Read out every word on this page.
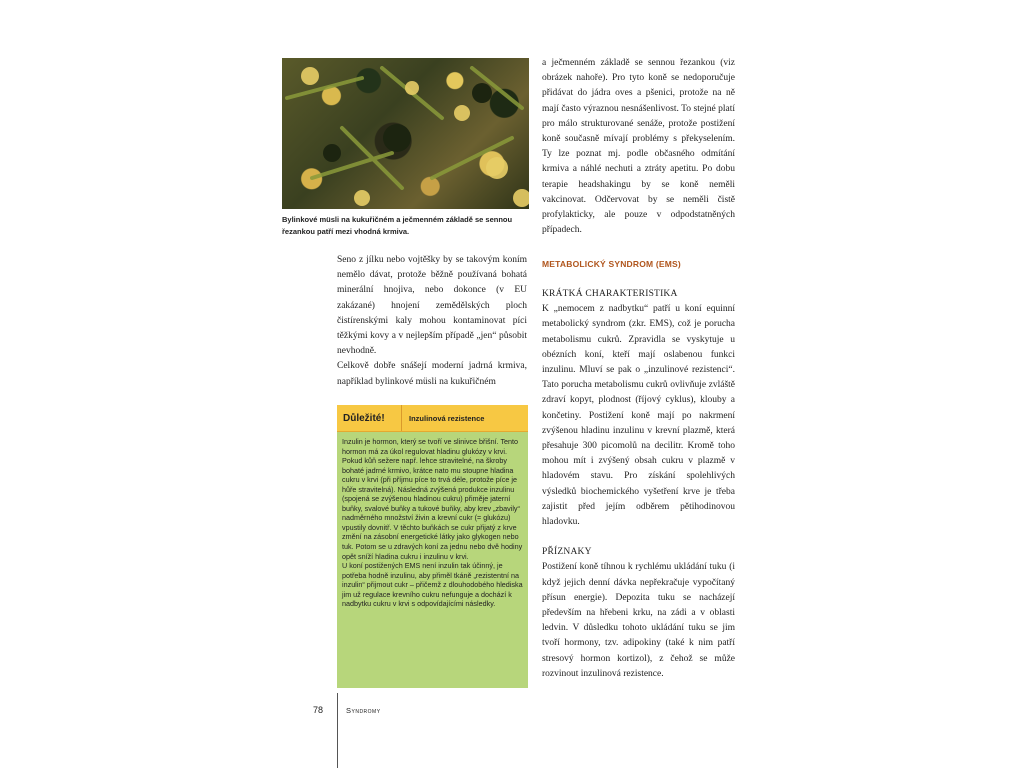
Bylinkové müsli na kukuřičném a ječmenném základě se sennou řezankou patří mezi vhodná krmiva.

Seno z jílku nebo vojtěšky by se takovým koním nemělo dávat, protože běžně používaná bohatá minerální hnojiva, nebo dokonce (v EU zakázané) hnojení zemědělských ploch čistírenskými kaly mohou kontaminovat píci těžkými kovy a v nejlepším případě „jen“ působit nevhodně.

Celkově dobře snášejí moderní jadrná krmiva, například bylinkové müsli na kukuřičném

Důležité!	Inzulinová rezistence

Inzulin je hormon, který se tvoří ve slinivce břišní. Tento hormon má za úkol regulovat hladinu glukózy v krvi. Pokud kůň sežere např. lehce stravitelné, na škroby bohaté jadrné krmivo, krátce nato mu stoupne hladina cukru v krvi (při příjmu píce to trvá déle, protože píce je hůře stravitelná). Následná zvýšená produkce inzulinu (spojená se zvýšenou hladinou cukru) přiměje jaterní buňky, svalové buňky a tukové buňky, aby krev „zbavily“ nadměrného množství živin a krevní cukr (= glukózu) vpustily dovnitř. V těchto buňkách se cukr přijatý z krve změní na zásobní energetické látky jako glykogen nebo tuk. Potom se u zdravých koní za jednu nebo dvě hodiny opět sníží hladina cukru i inzulinu v krvi.

U koní postižených EMS není inzulin tak účinný, je potřeba hodně inzulinu, aby přiměl tkáně „rezistentní na inzulin“ přijmout cukr – přičemž z dlouhodobého hlediska jim už regulace krevního cukru nefunguje a dochází k nadbytku cukru v krvi s odpovídajícími následky.

a ječmenném základě se sennou řezankou (viz obrázek nahoře). Pro tyto koně se nedoporučuje přidávat do jádra oves a pšenici, protože na ně mají často výraznou nesnášenlivost. To stejné platí pro málo strukturované senáže, protože postižení koně současně mívají problémy s překyselením. Ty lze poznat mj. podle občasného odmítání krmiva a náhlé nechuti a ztráty apetitu. Po dobu terapie headshakingu by se koně neměli vakcinovat. Odčervovat by se neměli čistě profylakticky, ale pouze v odpodstatněných případech.

METABOLICKÝ SYNDROM (EMS)

KRÁTKÁ CHARAKTERISTIKA

K „nemocem z nadbytku“ patří u koní equinní metabolický syndrom (zkr. EMS), což je porucha metabolismu cukrů. Zpravidla se vyskytuje u obézních koní, kteří mají oslabenou funkci inzulinu. Mluví se pak o „inzulinové rezistenci“. Tato porucha metabolismu cukrů ovlivňuje zvláště zdraví kopyt, plodnost (říjový cyklus), klouby a končetiny. Postižení koně mají po nakrmení zvýšenou hladinu inzulinu v krevní plazmě, která přesahuje 300 picomolů na decilitr. Kromě toho mohou mít i zvýšený obsah cukru v plazmě v hladovém stavu. Pro získání spolehlivých výsledků biochemického vyšetření krve je třeba zajistit před jejím odběrem pětihodinovou hladovku.

PŘÍZNAKY

Postižení koně tíhnou k rychlému ukládání tuku (i když jejich denní dávka nepřekračuje vypočítaný přísun energie). Depozita tuku se nacházejí především na hřebeni krku, na zádi a v oblasti ledvin. V důsledku tohoto ukládání tuku se jim tvoří hormony, tzv. adipokiny (také k nim patří stresový hormon kortizol), z čehož se může rozvinout inzulinová rezistence.

78	Syndromy
